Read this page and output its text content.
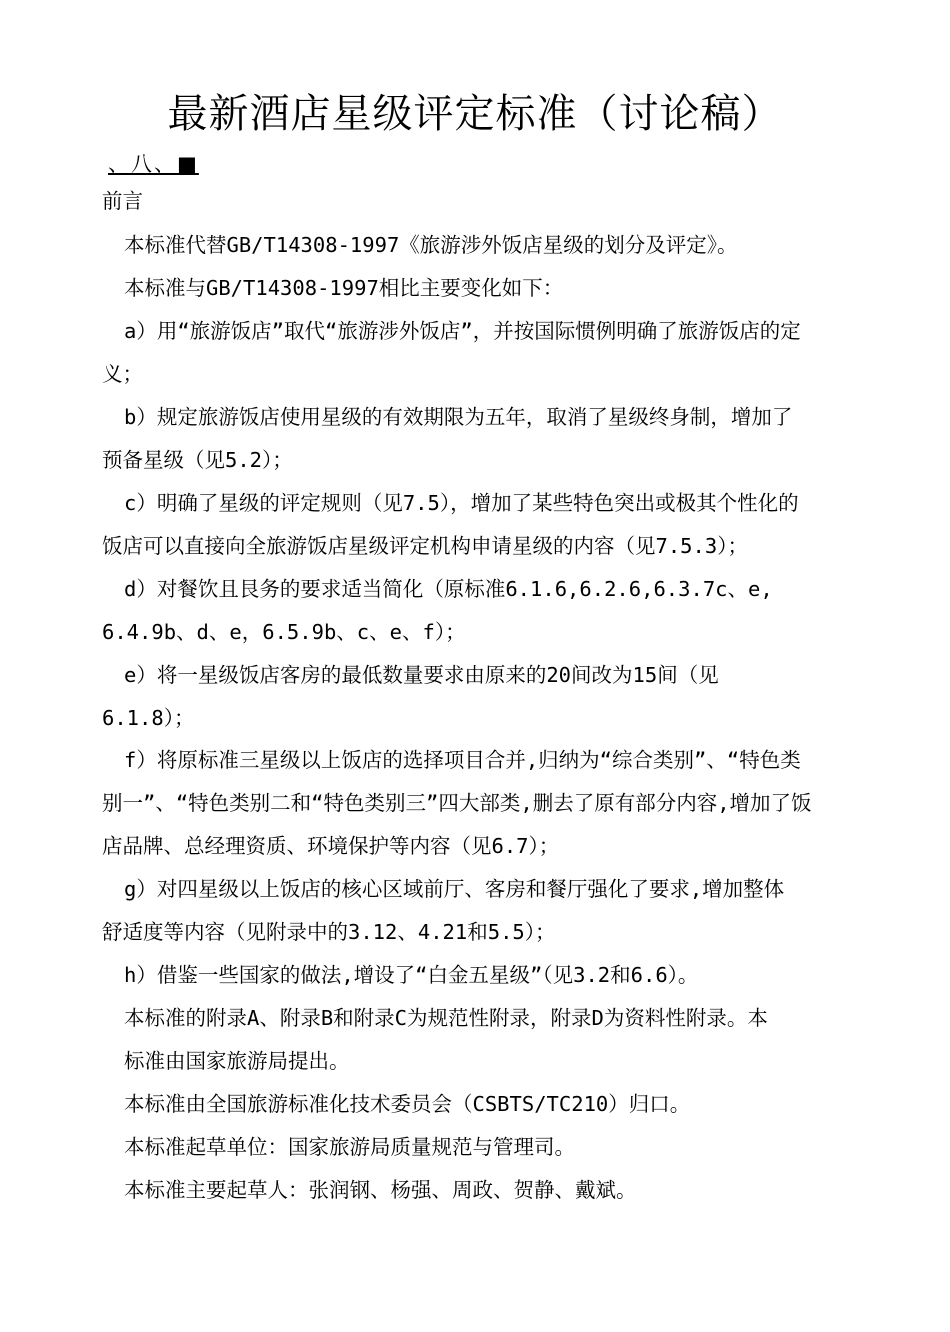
最新酒店星级评定标准（讨论稿）
、八、■
前言
本标准代替GB/T14308-1997《旅游涉外饭店星级的划分及评定》。
本标准与GB/T14308-1997相比主要变化如下：
a）用“旅游饭店”取代“旅游涉外饭店”，并按国际惯例明确了旅游饭店的定
义；
b）规定旅游饭店使用星级的有效期限为五年，取消了星级终身制，增加了
预备星级（见5.2）；
c）明确了星级的评定规则（见7.5），增加了某些特色突出或极其个性化的
饭店可以直接向全旅游饭店星级评定机构申请星级的内容（见7.5.3）；
d）对餐饮且艮务的要求适当简化（原标准6.1.6,6.2.6,6.3.7c、e,
6.4.9b、d、e，6.5.9b、c、e、f）；
e）将一星级饭店客房的最低数量要求由原来的20间改为15间（见
6.1.8）；
f）将原标准三星级以上饭店的选择项目合并,归纳为“综合类别”、“特色类
别一”、“特色类别二和“特色类别三”四大部类,删去了原有部分内容,增加了饭
店品牌、总经理资质、环境保护等内容（见6.7）；
g）对四星级以上饭店的核心区域前厅、客房和餐厅强化了要求,增加整体
舒适度等内容（见附录中的3.12、4.21和5.5）；
h）借鉴一些国家的做法,增设了“白金五星级”（见3.2和6.6）。
本标准的附录A、附录B和附录C为规范性附录，附录D为资料性附录。本
标准由国家旅游局提出。
本标准由全国旅游标准化技术委员会（CSBTS/TC210）归口。
本标准起草单位：国家旅游局质量规范与管理司。
本标准主要起草人：张润钢、杨强、周政、贺静、戴斌。
